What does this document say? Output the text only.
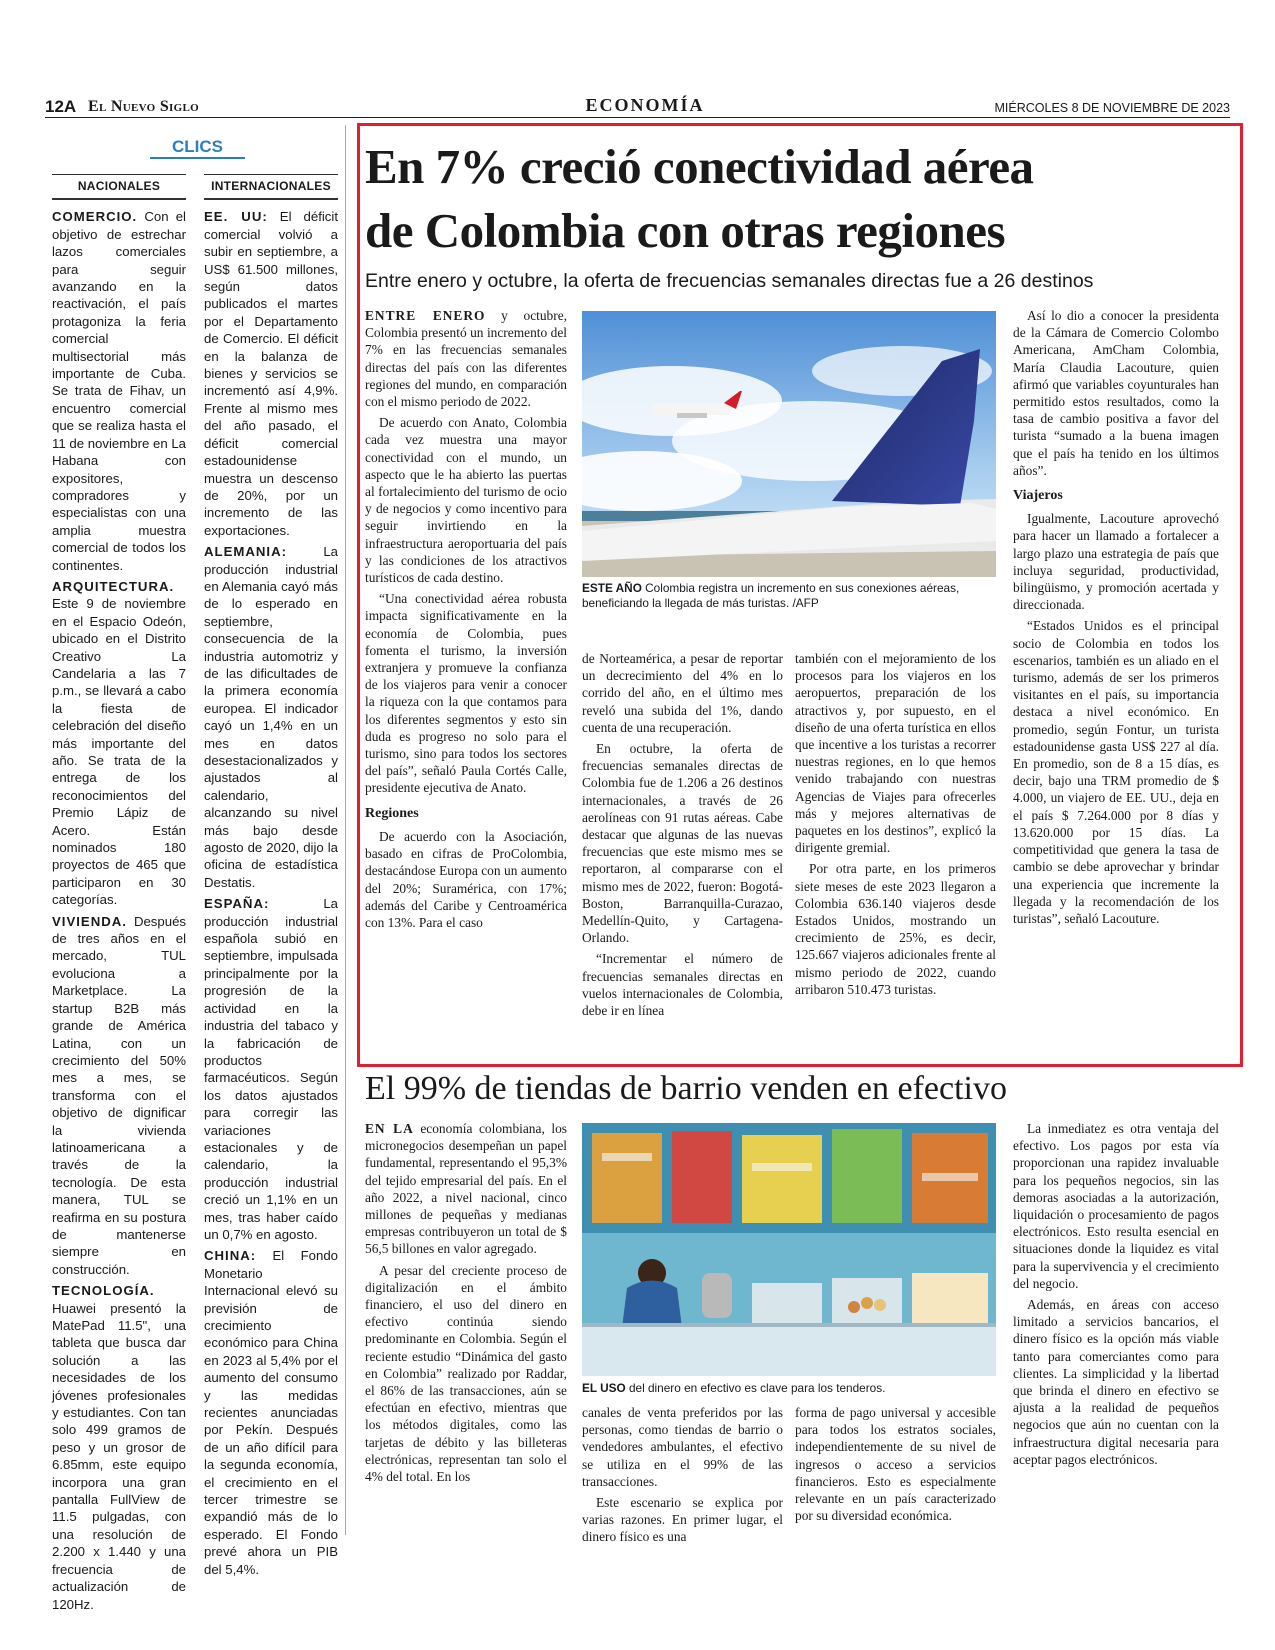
12A El Nuevo Siglo	ECONOMÍA	MIÉRCOLES 8 DE NOVIEMBRE DE 2023
CLICS
NACIONALES

COMERCIO. Con el objetivo de estrechar lazos comerciales para seguir avanzando en la reactivación, el país protagoniza la feria comercial multisectorial más importante de Cuba. Se trata de Fihav, un encuentro comercial que se realiza hasta el 11 de noviembre en La Habana con expositores, compradores y especialistas con una amplia muestra comercial de todos los continentes.

ARQUITECTURA. Este 9 de noviembre en el Espacio Odeón, ubicado en el Distrito Creativo La Candelaria a las 7 p.m., se llevará a cabo la fiesta de celebración del diseño más importante del año. Se trata de la entrega de los reconocimientos del Premio Lápiz de Acero. Están nominados 180 proyectos de 465 que participaron en 30 categorías.

VIVIENDA. Después de tres años en el mercado, TUL evoluciona a Marketplace. La startup B2B más grande de América Latina, con un crecimiento del 50% mes a mes, se transforma con el objetivo de dignificar la vivienda latinoamericana a través de la tecnología. De esta manera, TUL se reafirma en su postura de mantenerse siempre en construcción.

TECNOLOGÍA. Huawei presentó la MatePad 11.5", una tableta que busca dar solución a las necesidades de los jóvenes profesionales y estudiantes. Con tan solo 499 gramos de peso y un grosor de 6.85mm, este equipo incorpora una gran pantalla FullView de 11.5 pulgadas, con una resolución de 2.200 x 1.440 y una frecuencia de actualización de 120Hz.

INTERNACIONALES

EE. UU: El déficit comercial volvió a subir en septiembre, a US$ 61.500 millones, según datos publicados el martes por el Departamento de Comercio. El déficit en la balanza de bienes y servicios se incrementó así 4,9%. Frente al mismo mes del año pasado, el déficit comercial estadounidense muestra un descenso de 20%, por un incremento de las exportaciones.

ALEMANIA: La producción industrial en Alemania cayó más de lo esperado en septiembre, consecuencia de la industria automotriz y de las dificultades de la primera economía europea. El indicador cayó un 1,4% en un mes en datos desestacionalizados y ajustados al calendario, alcanzando su nivel más bajo desde agosto de 2020, dijo la oficina de estadística Destatis.

ESPAÑA: La producción industrial española subió en septiembre, impulsada principalmente por la progresión de la actividad en la industria del tabaco y la fabricación de productos farmacéuticos. Según los datos ajustados para corregir las variaciones estacionales y de calendario, la producción industrial creció un 1,1% en un mes, tras haber caído un 0,7% en agosto.

CHINA: El Fondo Monetario Internacional elevó su previsión de crecimiento económico para China en 2023 al 5,4% por el aumento del consumo y las medidas recientes anunciadas por Pekín. Después de un año difícil para la segunda economía, el crecimiento en el tercer trimestre se expandió más de lo esperado. El Fondo prevé ahora un PIB del 5,4%.

En 7% creció conectividad aérea
de Colombia con otras regiones
Entre enero y octubre, la oferta de frecuencias semanales directas fue a 26 destinos

ENTRE ENERO y octubre, Colombia presentó un incremento del 7% en las frecuencias semanales directas del país con las diferentes regiones del mundo, en comparación con el mismo periodo de 2022.

De acuerdo con Anato, Colombia cada vez muestra una mayor conectividad con el mundo, un aspecto que le ha abierto las puertas al fortalecimiento del turismo de ocio y de negocios y como incentivo para seguir invirtiendo en la infraestructura aeroportuaria del país y las condiciones de los atractivos turísticos de cada destino.

“Una conectividad aérea robusta impacta significativamente en la economía de Colombia, pues fomenta el turismo, la inversión extranjera y promueve la confianza de los viajeros para venir a conocer la riqueza con la que contamos para los diferentes segmentos y esto sin duda es progreso no solo para el turismo, sino para todos los sectores del país”, señaló Paula Cortés Calle, presidente ejecutiva de Anato.

Regiones

De acuerdo con la Asociación, basado en cifras de ProColombia, destacándose Europa con un aumento del 20%; Suramérica, con 17%; además del Caribe y Centroamérica con 13%. Para el caso

ESTE AÑO Colombia registra un incremento en sus conexiones aéreas, beneficiando la llegada de más turistas. /AFP

de Norteamérica, a pesar de reportar un decrecimiento del 4% en lo corrido del año, en el último mes reveló una subida del 1%, dando cuenta de una recuperación.

En octubre, la oferta de frecuencias semanales directas de Colombia fue de 1.206 a 26 destinos internacionales, a través de 26 aerolíneas con 91 rutas aéreas. Cabe destacar que algunas de las nuevas frecuencias que este mismo mes se reportaron, al compararse con el mismo mes de 2022, fueron: Bogotá-Boston, Barranquilla-Curazao, Medellín-Quito, y Cartagena-Orlando.

“Incrementar el número de frecuencias semanales directas en vuelos internacionales de Colombia, debe ir en línea

también con el mejoramiento de los procesos para los viajeros en los aeropuertos, preparación de los atractivos y, por supuesto, en el diseño de una oferta turística en ellos que incentive a los turistas a recorrer nuestras regiones, en lo que hemos venido trabajando con nuestras Agencias de Viajes para ofrecerles más y mejores alternativas de paquetes en los destinos”, explicó la dirigente gremial.

Por otra parte, en los primeros siete meses de este 2023 llegaron a Colombia 636.140 viajeros desde Estados Unidos, mostrando un crecimiento de 25%, es decir, 125.667 viajeros adicionales frente al mismo periodo de 2022, cuando arribaron 510.473 turistas.

Así lo dio a conocer la presidenta de la Cámara de Comercio Colombo Americana, AmCham Colombia, María Claudia Lacouture, quien afirmó que variables coyunturales han permitido estos resultados, como la tasa de cambio positiva a favor del turista “sumado a la buena imagen que el país ha tenido en los últimos años”.

Viajeros

Igualmente, Lacouture aprovechó para hacer un llamado a fortalecer a largo plazo una estrategia de país que incluya seguridad, productividad, bilingüismo, y promoción acertada y direccionada.

“Estados Unidos es el principal socio de Colombia en todos los escenarios, también es un aliado en el turismo, además de ser los primeros visitantes en el país, su importancia destaca a nivel económico. En promedio, según Fontur, un turista estadounidense gasta US$ 227 al día. En promedio, son de 8 a 15 días, es decir, bajo una TRM promedio de $ 4.000, un viajero de EE. UU., deja en el país $ 7.264.000 por 8 días y 13.620.000 por 15 días. La competitividad que genera la tasa de cambio se debe aprovechar y brindar una experiencia que incremente la llegada y la recomendación de los turistas”, señaló Lacouture.

El 99% de tiendas de barrio venden en efectivo

EN LA economía colombiana, los micronegocios desempeñan un papel fundamental, representando el 95,3% del tejido empresarial del país. En el año 2022, a nivel nacional, cinco millones de pequeñas y medianas empresas contribuyeron un total de $ 56,5 billones en valor agregado.

A pesar del creciente proceso de digitalización en el ámbito financiero, el uso del dinero en efectivo continúa siendo predominante en Colombia. Según el reciente estudio “Dinámica del gasto en Colombia” realizado por Raddar, el 86% de las transacciones, aún se efectúan en efectivo, mientras que los métodos digitales, como las tarjetas de débito y las billeteras electrónicas, representan tan solo el 4% del total. En los

EL USO del dinero en efectivo es clave para los tenderos.

canales de venta preferidos por las personas, como tiendas de barrio o vendedores ambulantes, el efectivo se utiliza en el 99% de las transacciones.

Este escenario se explica por varias razones. En primer lugar, el dinero físico es una

forma de pago universal y accesible para todos los estratos sociales, independientemente de su nivel de ingresos o acceso a servicios financieros. Esto es especialmente relevante en un país caracterizado por su diversidad económica.

La inmediatez es otra ventaja del efectivo. Los pagos por esta vía proporcionan una rapidez invaluable para los pequeños negocios, sin las demoras asociadas a la autorización, liquidación o procesamiento de pagos electrónicos. Esto resulta esencial en situaciones donde la liquidez es vital para la supervivencia y el crecimiento del negocio.

Además, en áreas con acceso limitado a servicios bancarios, el dinero físico es la opción más viable tanto para comerciantes como para clientes. La simplicidad y la libertad que brinda el dinero en efectivo se ajusta a la realidad de pequeños negocios que aún no cuentan con la infraestructura digital necesaria para aceptar pagos electrónicos.
